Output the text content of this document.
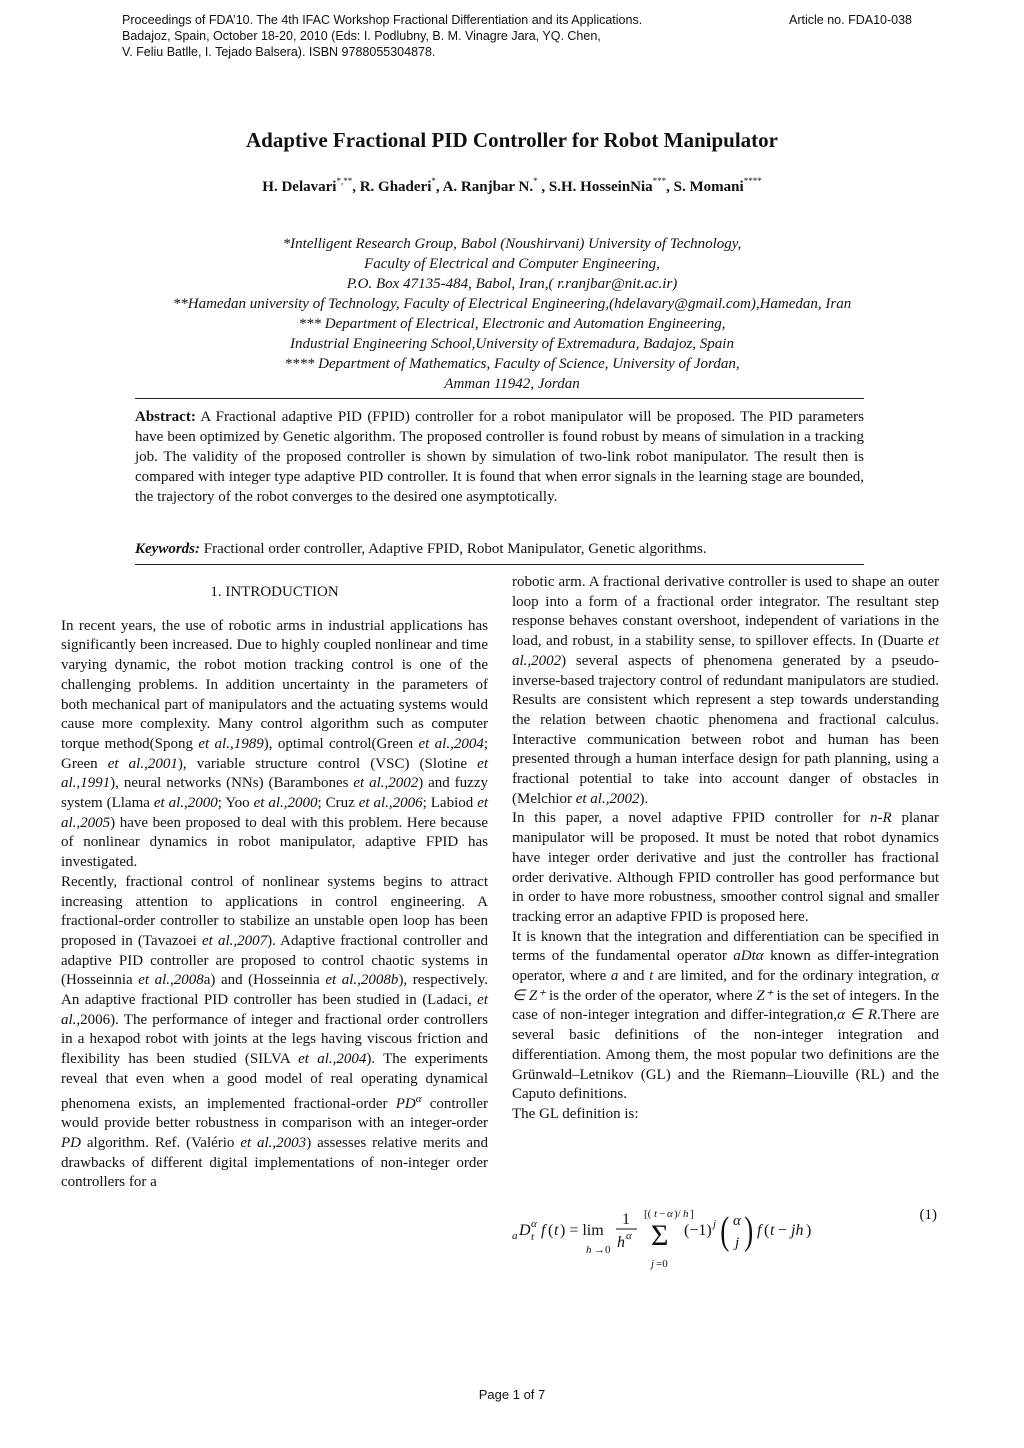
Proceedings of FDA’10. The 4th IFAC Workshop Fractional Differentiation and its Applications.
Badajoz, Spain, October 18-20, 2010 (Eds: I. Podlubny, B. M. Vinagre Jara, YQ. Chen,
V. Feliu Batlle, I. Tejado Balsera). ISBN 9788055304878.
Article no. FDA10-038
Adaptive Fractional PID Controller for Robot Manipulator
H. Delavari*,**, R. Ghaderi*, A. Ranjbar N.* , S.H. HosseinNia***, S. Momani****
*Intelligent Research Group, Babol (Noushirvani) University of Technology,
Faculty of Electrical and Computer Engineering,
P.O. Box 47135-484, Babol, Iran,( r.ranjbar@nit.ac.ir)
**Hamedan university of Technology, Faculty of Electrical Engineering,(hdelavary@gmail.com),Hamedan, Iran
*** Department of Electrical, Electronic and Automation Engineering,
Industrial Engineering School,University of Extremadura, Badajoz, Spain
**** Department of Mathematics, Faculty of Science, University of Jordan,
Amman 11942, Jordan
Abstract: A Fractional adaptive PID (FPID) controller for a robot manipulator will be proposed. The PID parameters have been optimized by Genetic algorithm. The proposed controller is found robust by means of simulation in a tracking job. The validity of the proposed controller is shown by simulation of two-link robot manipulator. The result then is compared with integer type adaptive PID controller. It is found that when error signals in the learning stage are bounded, the trajectory of the robot converges to the desired one asymptotically.
Keywords: Fractional order controller, Adaptive FPID, Robot Manipulator, Genetic algorithms.

1. INTRODUCTION

In recent years, the use of robotic arms in industrial applications has significantly been increased. Due to highly coupled nonlinear and time varying dynamic, the robot motion tracking control is one of the challenging problems. In addition uncertainty in the parameters of both mechanical part of manipulators and the actuating systems would cause more complexity. Many control algorithm such as computer torque method(Spong et al.,1989), optimal control(Green et al.,2004; Green et al.,2001), variable structure control (VSC) (Slotine et al.,1991), neural networks (NNs) (Barambones et al.,2002) and fuzzy system (Llama et al.,2000; Yoo et al.,2000; Cruz et al.,2006; Labiod et al.,2005) have been proposed to deal with this problem. Here because of nonlinear dynamics in robot manipulator, adaptive FPID has investigated.

Recently, fractional control of nonlinear systems begins to attract increasing attention to applications in control engineering. A fractional-order controller to stabilize an unstable open loop has been proposed in (Tavazoei et al.,2007). Adaptive fractional controller and adaptive PID controller are proposed to control chaotic systems in (Hosseinnia et al.,2008a) and (Hosseinnia et al.,2008b), respectively. An adaptive fractional PID controller has been studied in (Ladaci, et al.,2006). The performance of integer and fractional order controllers in a hexapod robot with joints at the legs having viscous friction and flexibility has been studied (SILVA et al.,2004). The experiments reveal that even when a good model of real operating dynamical phenomena exists, an implemented fractional-order $PD^\alpha$ controller would provide better robustness in comparison with an integer-order PD algorithm. Ref. (Valério et al.,2003) assesses relative merits and drawbacks of different digital implementations of non-integer order controllers for a

robotic arm. A fractional derivative controller is used to shape an outer loop into a form of a fractional order integrator. The resultant step response behaves constant overshoot, independent of variations in the load, and robust, in a stability sense, to spillover effects. In (Duarte et al.,2002) several aspects of phenomena generated by a pseudo-inverse-based trajectory control of redundant manipulators are studied. Results are consistent which represent a step towards understanding the relation between chaotic phenomena and fractional calculus. Interactive communication between robot and human has been presented through a human interface design for path planning, using a fractional potential to take into account danger of obstacles in (Melchior et al.,2002).

In this paper, a novel adaptive FPID controller for n-R planar manipulator will be proposed. It must be noted that robot dynamics have integer order derivative and just the controller has fractional order derivative. Although FPID controller has good performance but in order to have more robustness, smoother control signal and smaller tracking error an adaptive FPID is proposed here.

It is known that the integration and differentiation can be specified in terms of the fundamental operator aDtα known as differ-integration operator, where a and t are limited, and for the ordinary integration, α ∈ Z⁺ is the order of the operator, where Z⁺ is the set of integers. In the case of non-integer integration and differ-integration,α ∈ R.There are several basic definitions of the non-integer integration and differentiation. Among them, the most popular two definitions are the Grünwald–Letnikov (GL) and the Riemann–Liouville (RL) and the Caputo definitions.

The GL definition is:

(1)
a D α
t f ( t ) = lim
h →0
1
h α Σ
[( t − α )/ h ]
j =0
(−1) j ( α
j ) f ( t − jh )
Page 1 of 7
